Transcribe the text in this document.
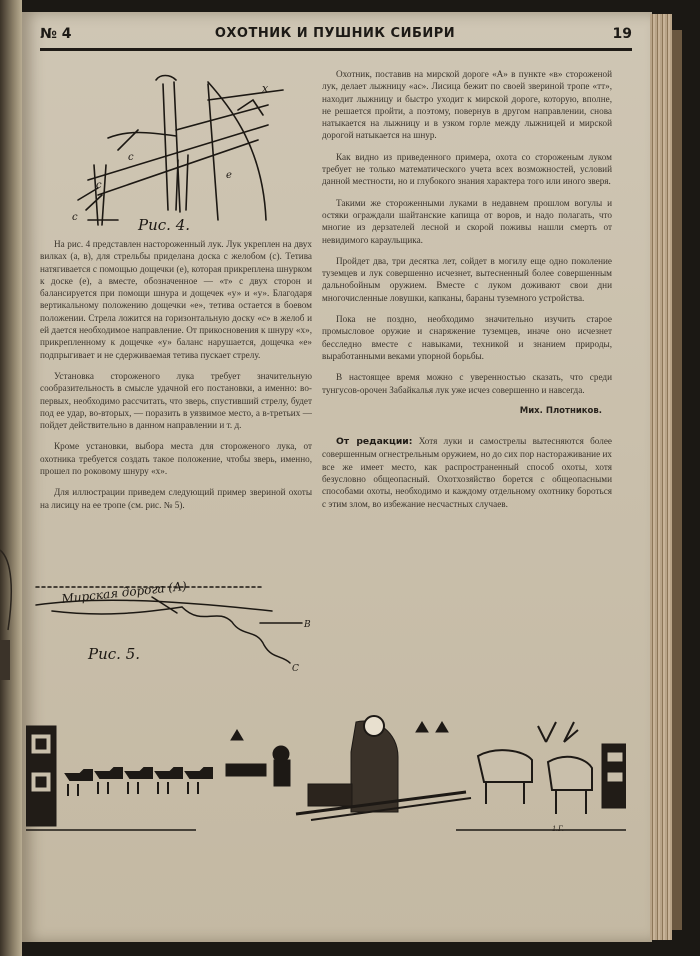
№ 4	ОХОТНИК И ПУШНИК СИБИРИ	19
x
c
c
e
c	Рис. 4.

На рис. 4 представлен настороженный лук. Лук укреплен на двух вилках (а, в), для стрельбы приделана доска с желобом (с). Тетива натягивается с помощью дощечки (е), которая прикреплена шнурком к доске (е), а вместе, обозначенное — «т» с двух сторон и балансируется при помощи шнура и дощечек «у» и «у». Благодаря вертикальному положению дощечки «е», тетива остается в боевом положении. Стрела ложится на горизонтальную доску «с» в желоб и ей дается необходимое направление. От прикосновения к шнуру «х», прикрепленному к дощечке «у» баланс нарушается, дощечка «е» подпрыгивает и не сдерживаемая тетива пускает стрелу.

Установка стороженого лука требует значительную сообразительность в смысле удачной его постановки, а именно: во-первых, необходимо рассчитать, что зверь, спустивший стрелу, будет под ее удар, во-вторых, — поразить в уязвимое место, а в-третьих — пойдет действительно в данном направлении и т. д.

Кроме установки, выбора места для стороженого лука, от охотника требуется создать такое положение, чтобы зверь, именно, прошел по роковому шнуру «х».

Для иллюстрации приведем следующий пример звериной охоты на лисицу на ее тропе (см. рис. № 5).

Мирская дорога (А)
B
C
Рис. 5.

Охотник, поставив на мирской дороге «А» в пункте «в» стороженой лук, делает лыжницу «ас». Лисица бежит по своей звериной тропе «тт», находит лыжницу и быстро уходит к мирской дороге, которую, вполне, не решается пройти, а поэтому, повернув в другом направлении, снова натыкается на лыжницу и в узком горле между лыжницей и мирской дорогой натыкается на шнур.

Как видно из приведенного примера, охота со стороженым луком требует не только математического учета всех возможностей, условий данной местности, но и глубокого знания характера того или иного зверя.

Такими же стороженными луками в недавнем прошлом вогулы и остяки ограждали шайтанские капища от воров, и надо полагать, что многие из дерзателей лесной и скорой поживы нашли смерть от невидимого караульщика.

Пройдет два, три десятка лет, сойдет в могилу еще одно поколение туземцев и лук совершенно исчезнет, вытесненный более совершенным дальнобойным оружием. Вместе с луком доживают свои дни многочисленные ловушки, капканы, бараны туземного устройства.

Пока не поздно, необходимо значительно изучить старое промысловое оружие и снаряжение туземцев, иначе оно исчезнет бесследно вместе с навыками, техникой и знанием природы, выработанными веками упорной борьбы.

В настоящее время можно с уверенностью сказать, что среди тунгусов-орочен Забайкалья лук уже исчез совершенно и навсегда.

Мих. Плотников.

От редакции: Хотя луки и самострелы вытесняются более совершенным огнестрельным оружием, но до сих пор настораживание их все же имеет место, как распространенный способ охоты, хотя безусловно общеопасный. Охотхозяйство борется с общеопасными способами охоты, необходимо и каждому отдельному охотнику бороться с этим злом, во избежание несчастных случаев.

1.Г.
